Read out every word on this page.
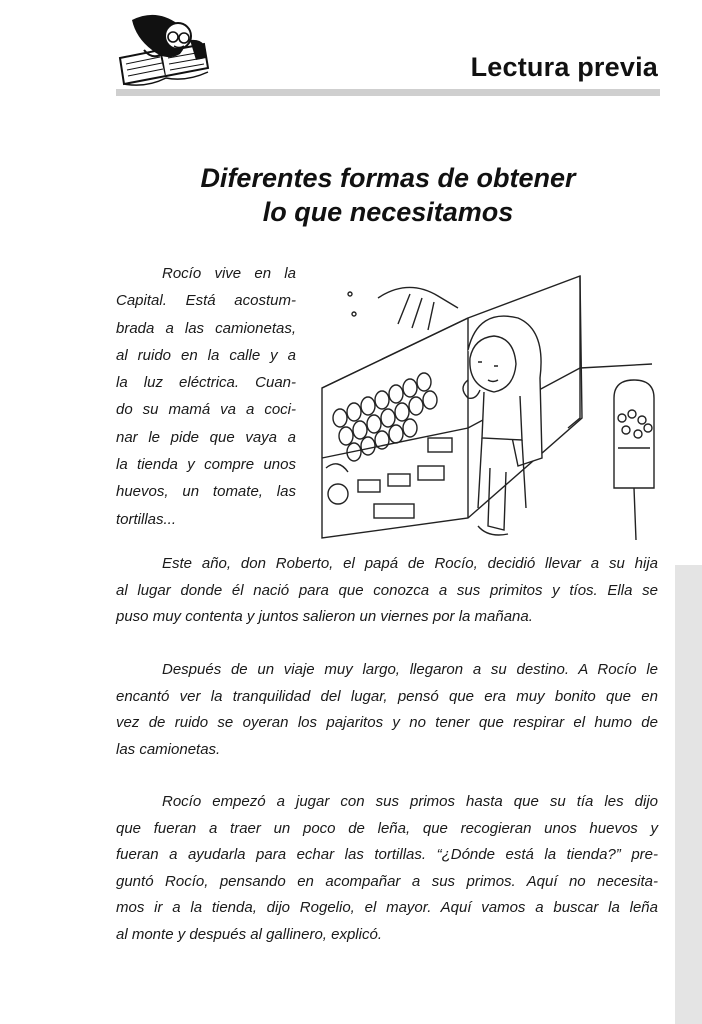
Lectura previa
Diferentes formas de obtener
lo que necesitamos
Rocío vive en la
Capital. Está acostum-
brada a las camionetas,
al ruido en la calle y a
la luz eléctrica. Cuan-
do su mamá va a coci-
nar le pide que vaya a
la tienda y compre unos
huevos, un tomate, las
tortillas...
Este año, don Roberto, el papá de Rocío, decidió llevar a su hija
al lugar donde él nació para que conozca a sus primitos y tíos. Ella se
puso muy contenta y juntos salieron un viernes por la mañana.
Después de un viaje muy largo, llegaron a su destino. A Rocío le
encantó ver la tranquilidad del lugar, pensó que era muy bonito que en
vez de ruido se oyeran los pajaritos y no tener que respirar el humo de
las camionetas.
Rocío empezó a jugar con sus primos hasta que su tía les dijo
que fueran a traer un poco de leña, que recogieran unos huevos y
fueran a ayudarla para echar las tortillas. “¿Dónde está la tienda?” pre-
guntó Rocío, pensando en acompañar a sus primos. Aquí no necesita-
mos ir a la tienda, dijo Rogelio, el mayor. Aquí vamos a buscar la leña
al monte y después al gallinero, explicó.
